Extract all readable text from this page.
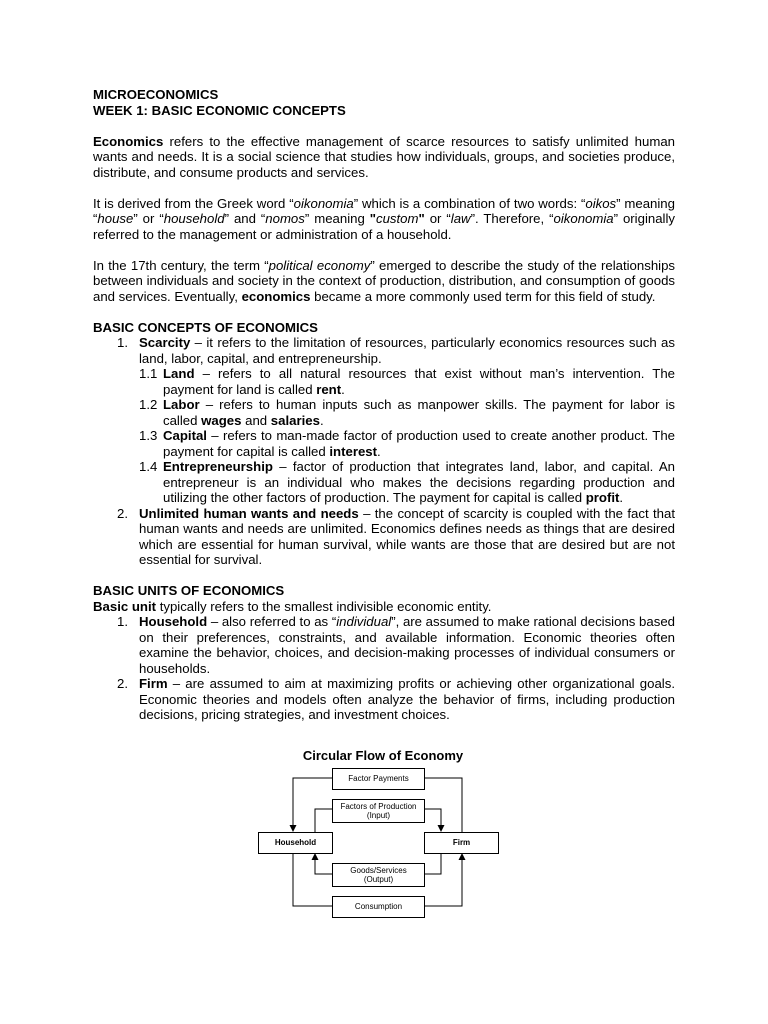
MICROECONOMICS
WEEK 1: BASIC ECONOMIC CONCEPTS

Economics refers to the effective management of scarce resources to satisfy unlimited human wants and needs. It is a social science that studies how individuals, groups, and societies produce, distribute, and consume products and services.

It is derived from the Greek word “oikonomia” which is a combination of two words: “oikos” meaning “house” or “household” and “nomos” meaning "custom" or “law”. Therefore, “oikonomia” originally referred to the management or administration of a household.

In the 17th century, the term “political economy” emerged to describe the study of the relationships between individuals and society in the context of production, distribution, and consumption of goods and services. Eventually, economics became a more commonly used term for this field of study.

BASIC CONCEPTS OF ECONOMICS
1. Scarcity – it refers to the limitation of resources, particularly economics resources such as land, labor, capital, and entrepreneurship.
1.1 Land – refers to all natural resources that exist without man’s intervention. The payment for land is called rent.
1.2 Labor – refers to human inputs such as manpower skills. The payment for labor is called wages and salaries.
1.3 Capital – refers to man-made factor of production used to create another product. The payment for capital is called interest.
1.4 Entrepreneurship – factor of production that integrates land, labor, and capital. An entrepreneur is an individual who makes the decisions regarding production and utilizing the other factors of production. The payment for capital is called profit.
2. Unlimited human wants and needs – the concept of scarcity is coupled with the fact that human wants and needs are unlimited. Economics defines needs as things that are desired which are essential for human survival, while wants are those that are desired but are not essential for survival.
BASIC UNITS OF ECONOMICS

Basic unit typically refers to the smallest indivisible economic entity.

1. Household – also referred to as “individual”, are assumed to make rational decisions based on their preferences, constraints, and available information. Economic theories often examine the behavior, choices, and decision-making processes of individual consumers or households.
2. Firm – are assumed to aim at maximizing profits or achieving other organizational goals. Economic theories and models often analyze the behavior of firms, including production decisions, pricing strategies, and investment choices.
Circular Flow of Economy
Factor Payments
Factors of Production
(Input)
Household	Firm
Goods/Services
(Output)
Consumption
